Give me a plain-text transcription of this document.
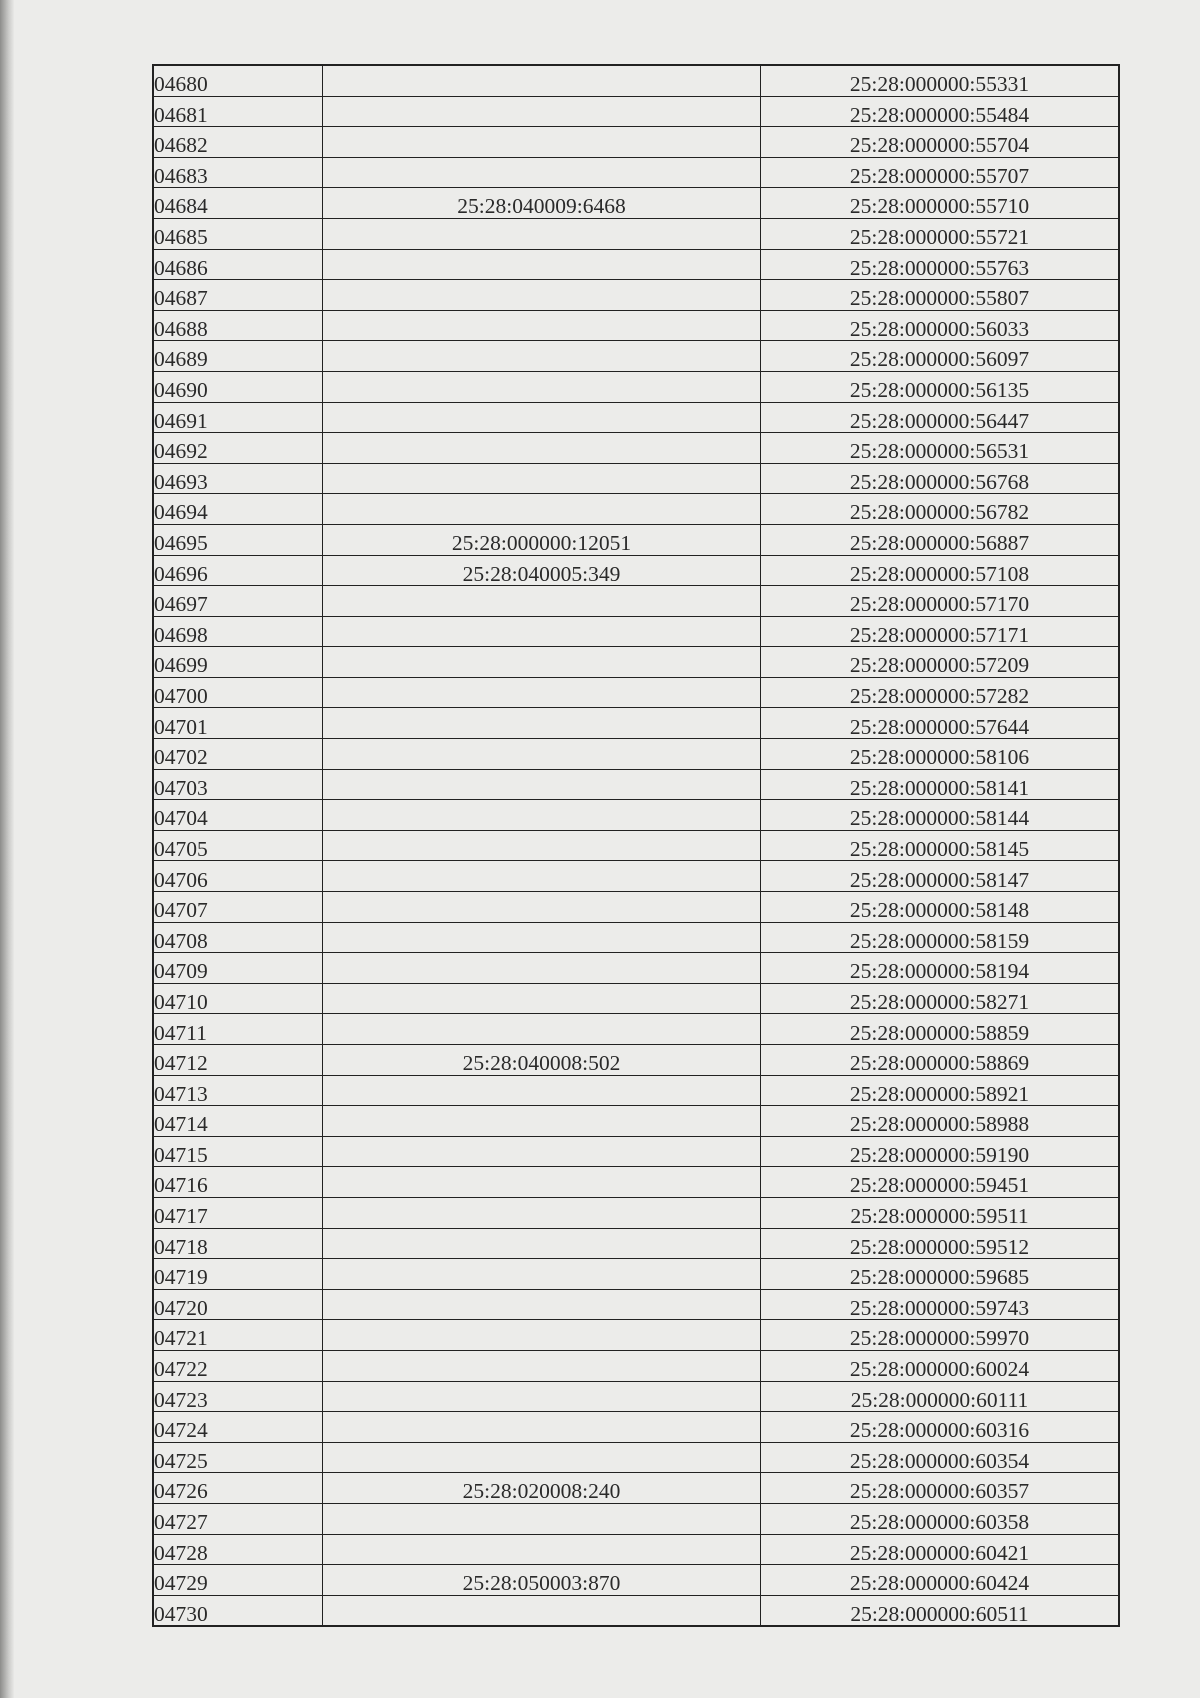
04680		25:28:000000:55331
04681		25:28:000000:55484
04682		25:28:000000:55704
04683		25:28:000000:55707
04684	25:28:040009:6468	25:28:000000:55710
04685		25:28:000000:55721
04686		25:28:000000:55763
04687		25:28:000000:55807
04688		25:28:000000:56033
04689		25:28:000000:56097
04690		25:28:000000:56135
04691		25:28:000000:56447
04692		25:28:000000:56531
04693		25:28:000000:56768
04694		25:28:000000:56782
04695	25:28:000000:12051	25:28:000000:56887
04696	25:28:040005:349	25:28:000000:57108
04697		25:28:000000:57170
04698		25:28:000000:57171
04699		25:28:000000:57209
04700		25:28:000000:57282
04701		25:28:000000:57644
04702		25:28:000000:58106
04703		25:28:000000:58141
04704		25:28:000000:58144
04705		25:28:000000:58145
04706		25:28:000000:58147
04707		25:28:000000:58148
04708		25:28:000000:58159
04709		25:28:000000:58194
04710		25:28:000000:58271
04711		25:28:000000:58859
04712	25:28:040008:502	25:28:000000:58869
04713		25:28:000000:58921
04714		25:28:000000:58988
04715		25:28:000000:59190
04716		25:28:000000:59451
04717		25:28:000000:59511
04718		25:28:000000:59512
04719		25:28:000000:59685
04720		25:28:000000:59743
04721		25:28:000000:59970
04722		25:28:000000:60024
04723		25:28:000000:60111
04724		25:28:000000:60316
04725		25:28:000000:60354
04726	25:28:020008:240	25:28:000000:60357
04727		25:28:000000:60358
04728		25:28:000000:60421
04729	25:28:050003:870	25:28:000000:60424
04730		25:28:000000:60511
